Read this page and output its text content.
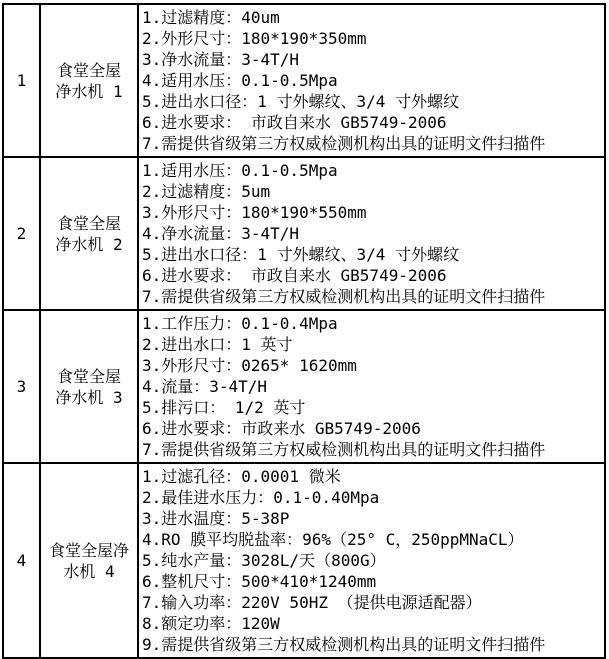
1	
食堂全屋
净水机 1

1.过滤精度：40um
2.外形尺寸：180*190*350mm
3.净水流量：3-4T/H
4.适用水压：0.1-0.5Mpa
5.进出水口径：1 寸外螺纹、3/4 寸外螺纹
6.进水要求： 市政自来水 GB5749-2006
7.需提供省级第三方权威检测机构出具的证明文件扫描件

2	
食堂全屋
净水机 2

1.适用水压：0.1-0.5Mpa
2.过滤精度：5um
3.外形尺寸：180*190*550mm
4.净水流量：3-4T/H
5.进出水口径：1 寸外螺纹、3/4 寸外螺纹
6.进水要求： 市政自来水 GB5749-2006
7.需提供省级第三方权威检测机构出具的证明文件扫描件

3	
食堂全屋
净水机 3

1.工作压力：0.1-0.4Mpa
2.进出水口：1 英寸
3.外形尺寸：0265* 1620mm
4.流量：3-4T/H
5.排污口： 1/2 英寸
6.进水要求：市政来水 GB5749-2006
7.需提供省级第三方权威检测机构出具的证明文件扫描件

4	
食堂全屋净
水机 4

1.过滤孔径：0.0001 微米
2.最佳进水压力：0.1-0.40Mpa
3.进水温度：5-38P
4.RO 膜平均脱盐率：96%（25° C，250ppMNaCL）
5.纯水产量：3028L/天（800G）
6.整机尺寸：500*410*1240mm
7.输入功率：220V 50HZ （提供电源适配器）
8.额定功率：120W
9.需提供省级第三方权威检测机构出具的证明文件扫描件
